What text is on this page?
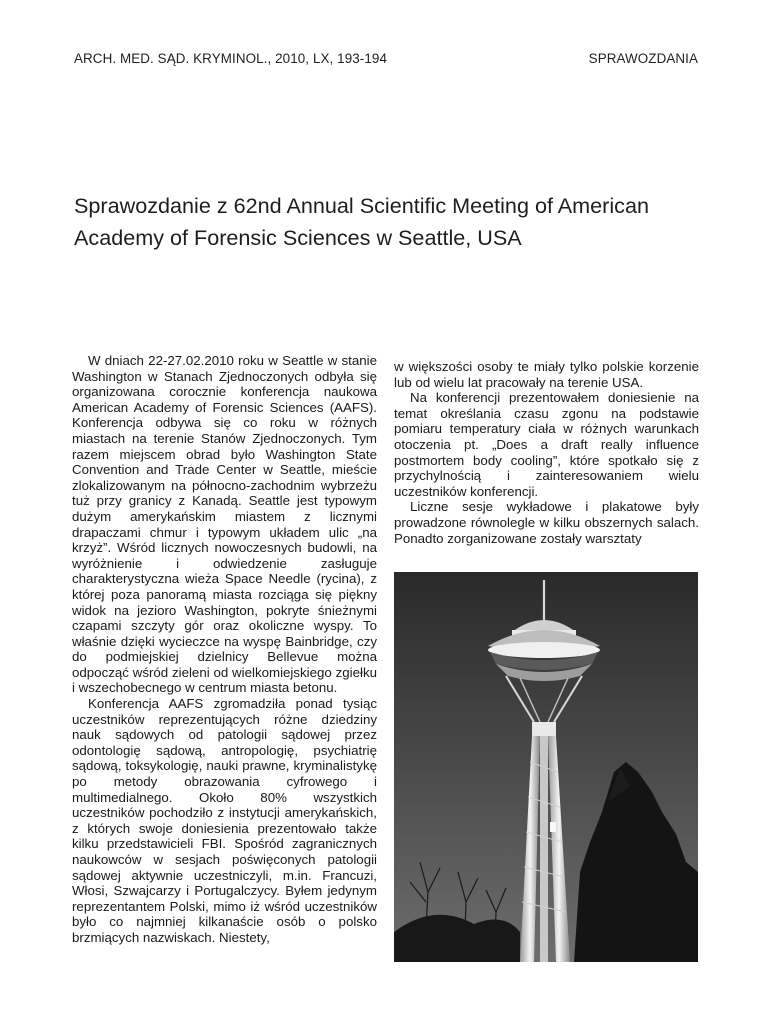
ARCH. MED. SĄD. KRYMINOL., 2010, LX, 193-194	SPRAWOZDANIA
Sprawozdanie z 62nd Annual Scientific Meeting of American Academy of Forensic Sciences w Seattle, USA

W dniach 22-27.02.2010 roku w Seattle w stanie Washington w Stanach Zjednoczonych odbyła się organizowana corocznie konferencja naukowa American Academy of Forensic Sciences (AAFS). Konferencja odbywa się co roku w różnych miastach na terenie Stanów Zjednoczonych. Tym razem miejscem obrad było Washington State Convention and Trade Center w Seattle, mieście zlokalizowanym na północno-zachodnim wybrzeżu tuż przy granicy z Kanadą. Seattle jest typowym dużym amerykańskim miastem z licznymi drapaczami chmur i typowym układem ulic „na krzyż”. Wśród licznych nowoczesnych budowli, na wyróżnienie i odwiedzenie zasługuje charakterystyczna wieża Space Needle (rycina), z której poza panoramą miasta rozciąga się piękny widok na jezioro Washington, pokryte śnieżnymi czapami szczyty gór oraz okoliczne wyspy. To właśnie dzięki wycieczce na wyspę Bainbridge, czy do podmiejskiej dzielnicy Bellevue można odpocząć wśród zieleni od wielkomiejskiego zgiełku i wszechobecnego w centrum miasta betonu.

Konferencja AAFS zgromadziła ponad tysiąc uczestników reprezentujących różne dziedziny nauk sądowych od patologii sądowej przez odontologię sądową, antropologię, psychiatrię sądową, toksykologię, nauki prawne, kryminalistykę po metody obrazowania cyfrowego i multimedialnego. Około 80% wszystkich uczestników pochodziło z instytucji amerykańskich, z których swoje doniesienia prezentowało także kilku przedstawicieli FBI. Spośród zagranicznych naukowców w sesjach poświęconych patologii sądowej aktywnie uczestniczyli, m.in. Francuzi, Włosi, Szwajcarzy i Portugalczycy. Byłem jedynym reprezentantem Polski, mimo iż wśród uczestników było co najmniej kilkanaście osób o polsko brzmiących nazwiskach. Niestety,

w większości osoby te miały tylko polskie korzenie lub od wielu lat pracowały na terenie USA.

Na konferencji prezentowałem doniesienie na temat określania czasu zgonu na podstawie pomiaru temperatury ciała w różnych warunkach otoczenia pt. „Does a draft really influence postmortem body cooling”, które spotkało się z przychylnością i zainteresowaniem wielu uczestników konferencji.

Liczne sesje wykładowe i plakatowe były prowadzone równolegle w kilku obszernych salach. Ponadto zorganizowane zostały warsztaty
